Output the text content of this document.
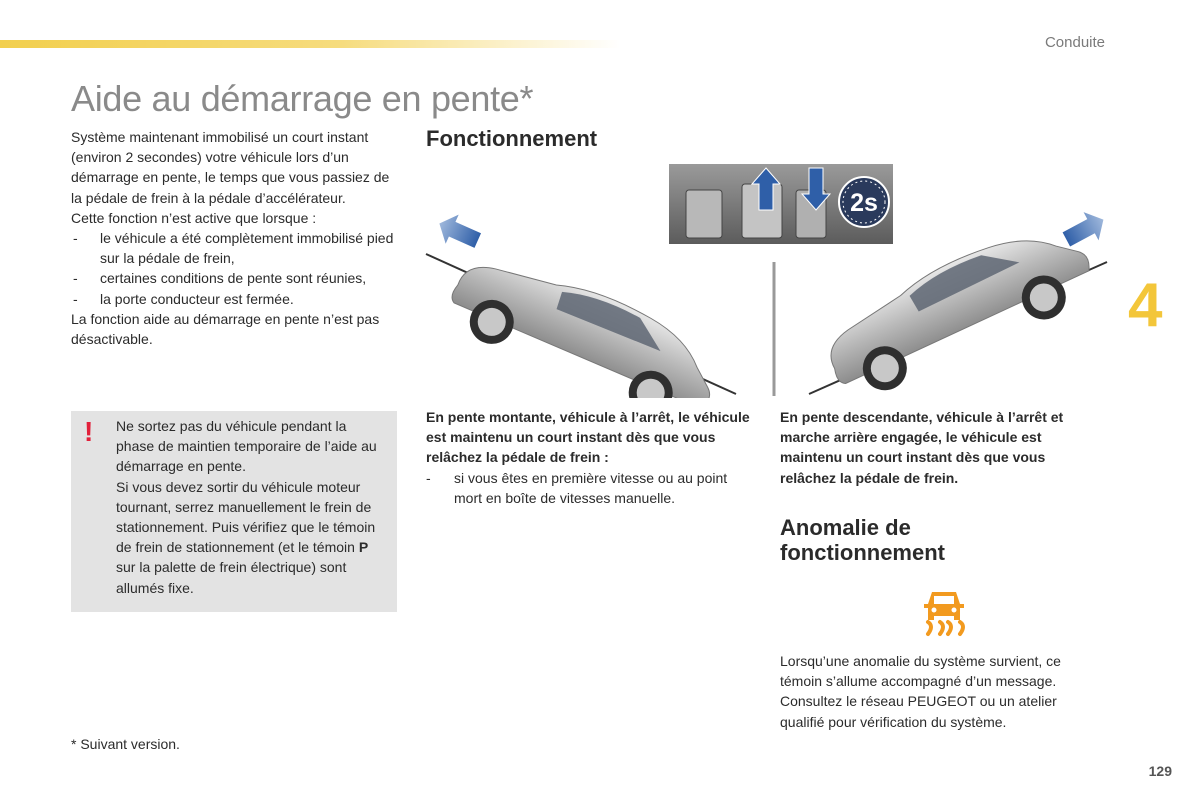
Conduite
Aide au démarrage en pente*
Système maintenant immobilisé un court instant (environ 2 secondes) votre véhicule lors d’un démarrage en pente, le temps que vous passiez de la pédale de frein à la pédale d’accélérateur.
Cette fonction n’est active que lorsque :
- le véhicule a été complètement immobilisé pied sur la pédale de frein,
- certaines conditions de pente sont réunies,
- la porte conducteur est fermée.
La fonction aide au démarrage en pente n’est pas désactivable.
! Ne sortez pas du véhicule pendant la phase de maintien temporaire de l’aide au démarrage en pente.
Si vous devez sortir du véhicule moteur tournant, serrez manuellement le frein de stationnement. Puis vérifiez que le témoin de frein de stationnement (et le témoin P sur la palette de frein électrique) sont allumés fixe.
Fonctionnement
2s
En pente montante, véhicule à l’arrêt, le véhicule est maintenu un court instant dès que vous relâchez la pédale de frein :
- si vous êtes en première vitesse ou au point mort en boîte de vitesses manuelle.
En pente descendante, véhicule à l’arrêt et marche arrière engagée, le véhicule est maintenu un court instant dès que vous relâchez la pédale de frein.
Anomalie de fonctionnement
Lorsqu’une anomalie du système survient, ce témoin s’allume accompagné d’un message. Consultez le réseau PEUGEOT ou un atelier qualifié pour vérification du système.
* Suivant version.
4
129
